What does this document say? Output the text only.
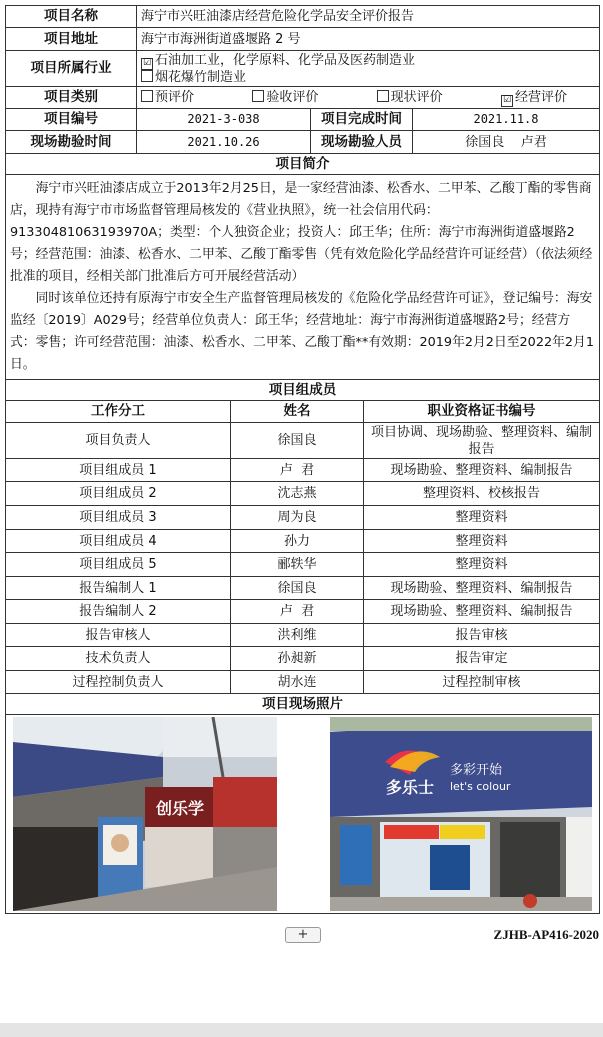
项目名称	海宁市兴旺油漆店经营危险化学品安全评价报告		
项目地址	海宁市海洲街道盛堰路 2 号		
项目所属行业	☑ 石油加工业，化学原料、化学品及医药制造业
烟花爆竹制造业		

项目类别	预评价 验收评价 现状评价 ☑ 经营评价		

项目编号	2021-3-038	项目完成时间	2021.11.8
现场勘验时间	2021.10.26	现场勘验人员	徐国良    卢君
项目简介			

海宁市兴旺油漆店成立于2013年2月25日，是一家经营油漆、松香水、二甲苯、乙酸丁酯的零售商店，现持有海宁市市场监督管理局核发的《营业执照》，统一社会信用代码：91330481063193970A；类型：个人独资企业；投资人：邱王华；住所：海宁市海洲街道盛堰路2号；经营范围：油漆、松香水、二甲苯、乙酸丁酯零售（凭有效危险化学品经营许可证经营）（依法须经批准的项目，经相关部门批准后方可开展经营活动）

同时该单位还持有原海宁市安全生产监督管理局核发的《危险化学品经营许可证》，登记编号：海安监经〔2019〕A029号；经营单位负责人：邱王华；经营地址：海宁市海洲街道盛堰路2号；经营方式：零售；许可经营范围：油漆、松香水、二甲苯、乙酸丁酯**有效期：2019年2月2日至2022年2月1日。			

项目组成员		
工作分工	姓名	职业资格证书编号
项目负责人	徐国良	项目协调、现场勘验、整理资料、编制报告
项目组成员 1	卢  君	现场勘验、整理资料、编制报告
项目组成员 2	沈志燕	整理资料、校核报告
项目组成员 3	周为良	整理资料
项目组成员 4	孙力	整理资料
项目组成员 5	郦轶华	整理资料
报告编制人 1	徐国良	现场勘验、整理资料、编制报告
报告编制人 2	卢  君	现场勘验、整理资料、编制报告
报告审核人	洪利维	报告审核
技术负责人	孙昶新	报告审定
过程控制负责人	胡水连	过程控制审核
项目现场照片		

创乐学
多乐士
多彩开始
let's colour		
+	ZJHB-AP416-2020
